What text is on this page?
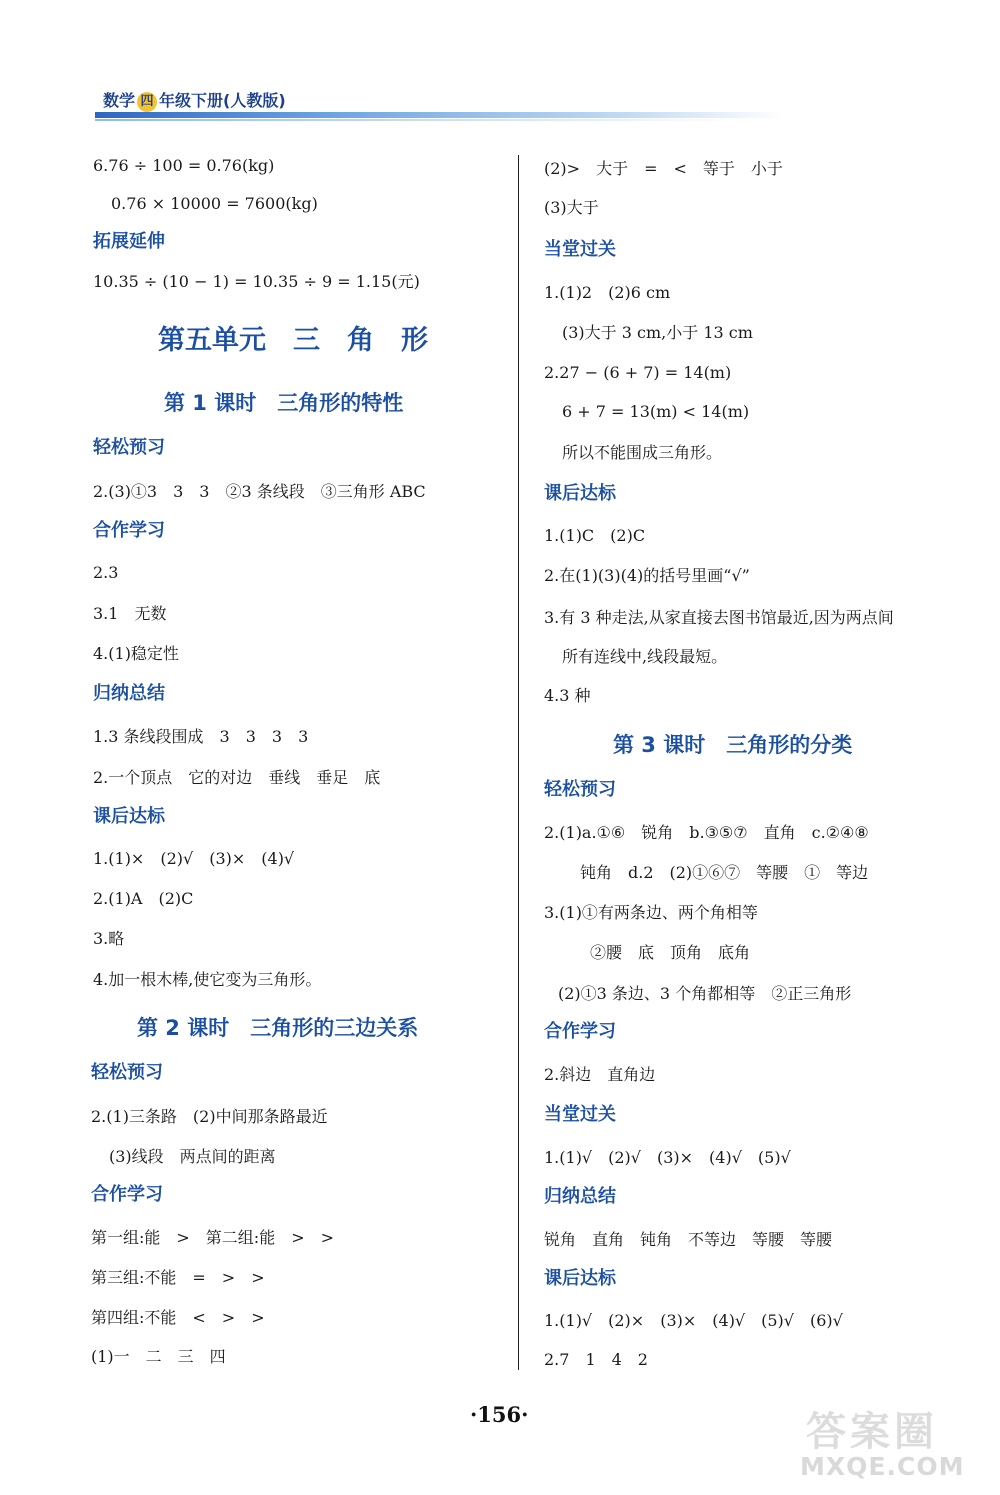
数学 四 年级下册(人教版)
6.76 ÷ 100 = 0.76(kg)
0.76 × 10000 = 7600(kg)
拓展延伸
10.35 ÷ (10 − 1) = 10.35 ÷ 9 = 1.15(元)
第五单元　三　角　形
第 1 课时　三角形的特性
轻松预习
2.(3)①3　3　3　②3 条线段　③三角形 ABC
合作学习
2.3
3.1　无数
4.(1)稳定性
归纳总结
1.3 条线段围成　3　3　3　3
2.一个顶点　它的对边　垂线　垂足　底
课后达标
1.(1)×　(2)√　(3)×　(4)√
2.(1)A　(2)C
3.略
4.加一根木棒,使它变为三角形。
第 2 课时　三角形的三边关系
轻松预习
2.(1)三条路　(2)中间那条路最近
(3)线段　两点间的距离
合作学习
第一组:能　>　第二组:能　>　>
第三组:不能　=　>　>
第四组:不能　<　>　>
(1)一　二　三　四
(2)>　大于　=　<　等于　小于
(3)大于
当堂过关
1.(1)2　(2)6 cm
(3)大于 3 cm,小于 13 cm
2.27 − (6 + 7) = 14(m)
6 + 7 = 13(m) < 14(m)
所以不能围成三角形。
课后达标
1.(1)C　(2)C
2.在(1)(3)(4)的括号里画“√”
3.有 3 种走法,从家直接去图书馆最近,因为两点间
所有连线中,线段最短。
4.3 种
第 3 课时　三角形的分类
轻松预习
2.(1)a.①⑥　锐角　b.③⑤⑦　直角　c.②④⑧
钝角　d.2　(2)①⑥⑦　等腰　①　等边
3.(1)①有两条边、两个角相等
②腰　底　顶角　底角
(2)①3 条边、3 个角都相等　②正三角形
合作学习
2.斜边　直角边
当堂过关
1.(1)√　(2)√　(3)×　(4)√　(5)√
归纳总结
锐角　直角　钝角　不等边　等腰　等腰
课后达标
1.(1)√　(2)×　(3)×　(4)√　(5)√　(6)√
2.7　1　4　2
·156·	答案圈
MXQE.COM
